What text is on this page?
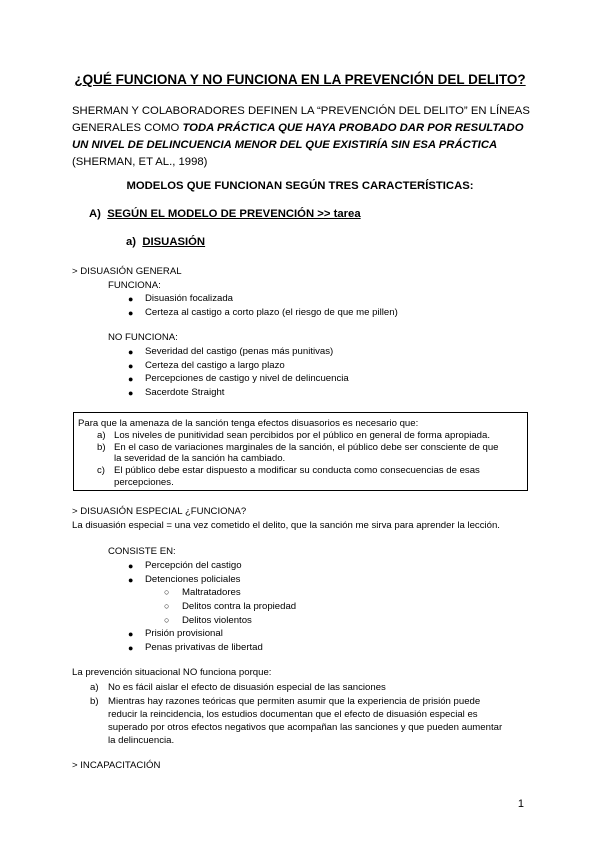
¿QUÉ FUNCIONA Y NO FUNCIONA EN LA PREVENCIÓN DEL DELITO?
SHERMAN Y COLABORADORES DEFINEN LA “PREVENCIÓN DEL DELITO” EN LÍNEAS
GENERALES COMO TODA PRÁCTICA QUE HAYA PROBADO DAR POR RESULTADO
UN NIVEL DE DELINCUENCIA MENOR DEL QUE EXISTIRÍA SIN ESA PRÁCTICA
(SHERMAN, ET AL., 1998)
MODELOS QUE FUNCIONAN SEGÚN TRES CARACTERÍSTICAS:
A) SEGÚN EL MODELO DE PREVENCIÓN >> tarea
a) DISUASIÓN
> DISUASIÓN GENERAL
FUNCIONA:
● Disuasión focalizada
● Certeza al castigo a corto plazo (el riesgo de que me pillen)
NO FUNCIONA:
● Severidad del castigo (penas más punitivas)
● Certeza del castigo a largo plazo
● Percepciones de castigo y nivel de delincuencia
● Sacerdote Straight
Para que la amenaza de la sanción tenga efectos disuasorios es necesario que:
a) Los niveles de punitividad sean percibidos por el público en general de forma apropiada.
b) En el caso de variaciones marginales de la sanción, el público debe ser consciente de que
la severidad de la sanción ha cambiado.
c) El público debe estar dispuesto a modificar su conducta como consecuencias de esas
percepciones.
> DISUASIÓN ESPECIAL ¿FUNCIONA?
La disuasión especial = una vez cometido el delito, que la sanción me sirva para aprender la lección.
CONSISTE EN:
● Percepción del castigo
● Detenciones policiales
○ Maltratadores
○ Delitos contra la propiedad
○ Delitos violentos
● Prisión provisional
● Penas privativas de libertad
La prevención situacional NO funciona porque:
a) No es fácil aislar el efecto de disuasión especial de las sanciones
b) Mientras hay razones teóricas que permiten asumir que la experiencia de prisión puede
reducir la reincidencia, los estudios documentan que el efecto de disuasión especial es
superado por otros efectos negativos que acompañan las sanciones y que pueden aumentar
la delincuencia.
> INCAPACITACIÓN
1
